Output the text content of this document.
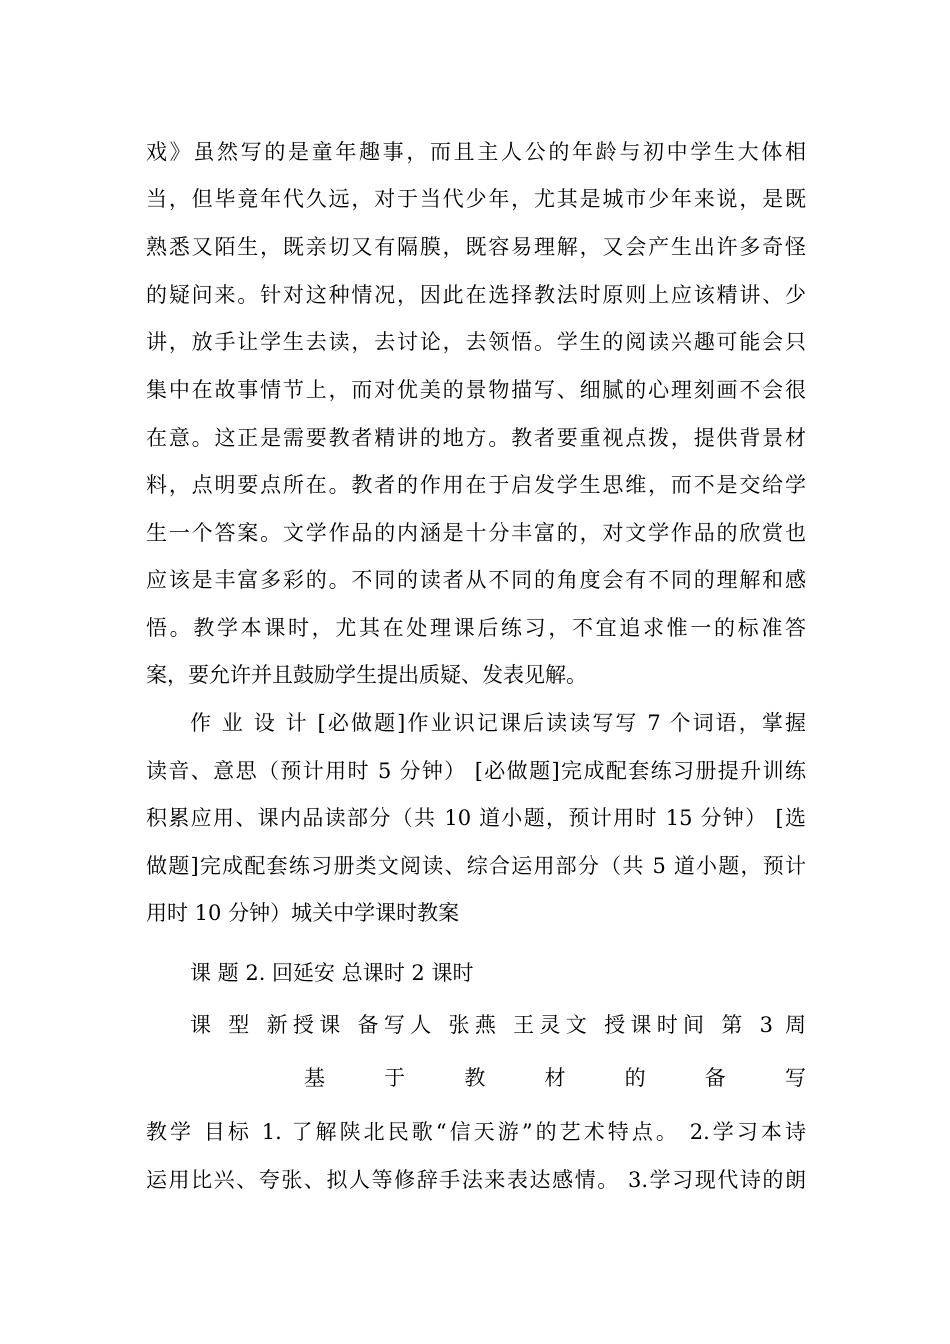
戏》虽然写的是童年趣事，而且主人公的年龄与初中学生大体相
当，但毕竟年代久远，对于当代少年，尤其是城市少年来说，是既
熟悉又陌生，既亲切又有隔膜，既容易理解，又会产生出许多奇怪
的疑问来。针对这种情况，因此在选择教法时原则上应该精讲、少
讲，放手让学生去读，去讨论，去领悟。学生的阅读兴趣可能会只
集中在故事情节上，而对优美的景物描写、细腻的心理刻画不会很
在意。这正是需要教者精讲的地方。教者要重视点拨，提供背景材
料，点明要点所在。教者的作用在于启发学生思维，而不是交给学
生一个答案。文学作品的内涵是十分丰富的，对文学作品的欣赏也
应该是丰富多彩的。不同的读者从不同的角度会有不同的理解和感
悟。教学本课时，尤其在处理课后练习，不宜追求惟一的标准答
案，要允许并且鼓励学生提出质疑、发表见解。
作 业 设 计 [必做题]作业识记课后读读写写 7 个词语，掌握
读音、意思（预计用时 5 分钟） [必做题]完成配套练习册提升训练
积累应用、课内品读部分（共 10 道小题，预计用时 15 分钟） [选
做题]完成配套练习册类文阅读、综合运用部分（共 5 道小题，预计
用时 10 分钟）城关中学课时教案
课 题 2. 回延安 总课时 2 课时
课 型 新授课 备写人 张燕 王灵文 授课时间 第 3 周
基	于	教	材	的	备	写
教学 目标 1. 了解陕北民歌“信天游”的艺术特点。 2.学习本诗
运用比兴、夸张、拟人等修辞手法来表达感情。 3.学习现代诗的朗
